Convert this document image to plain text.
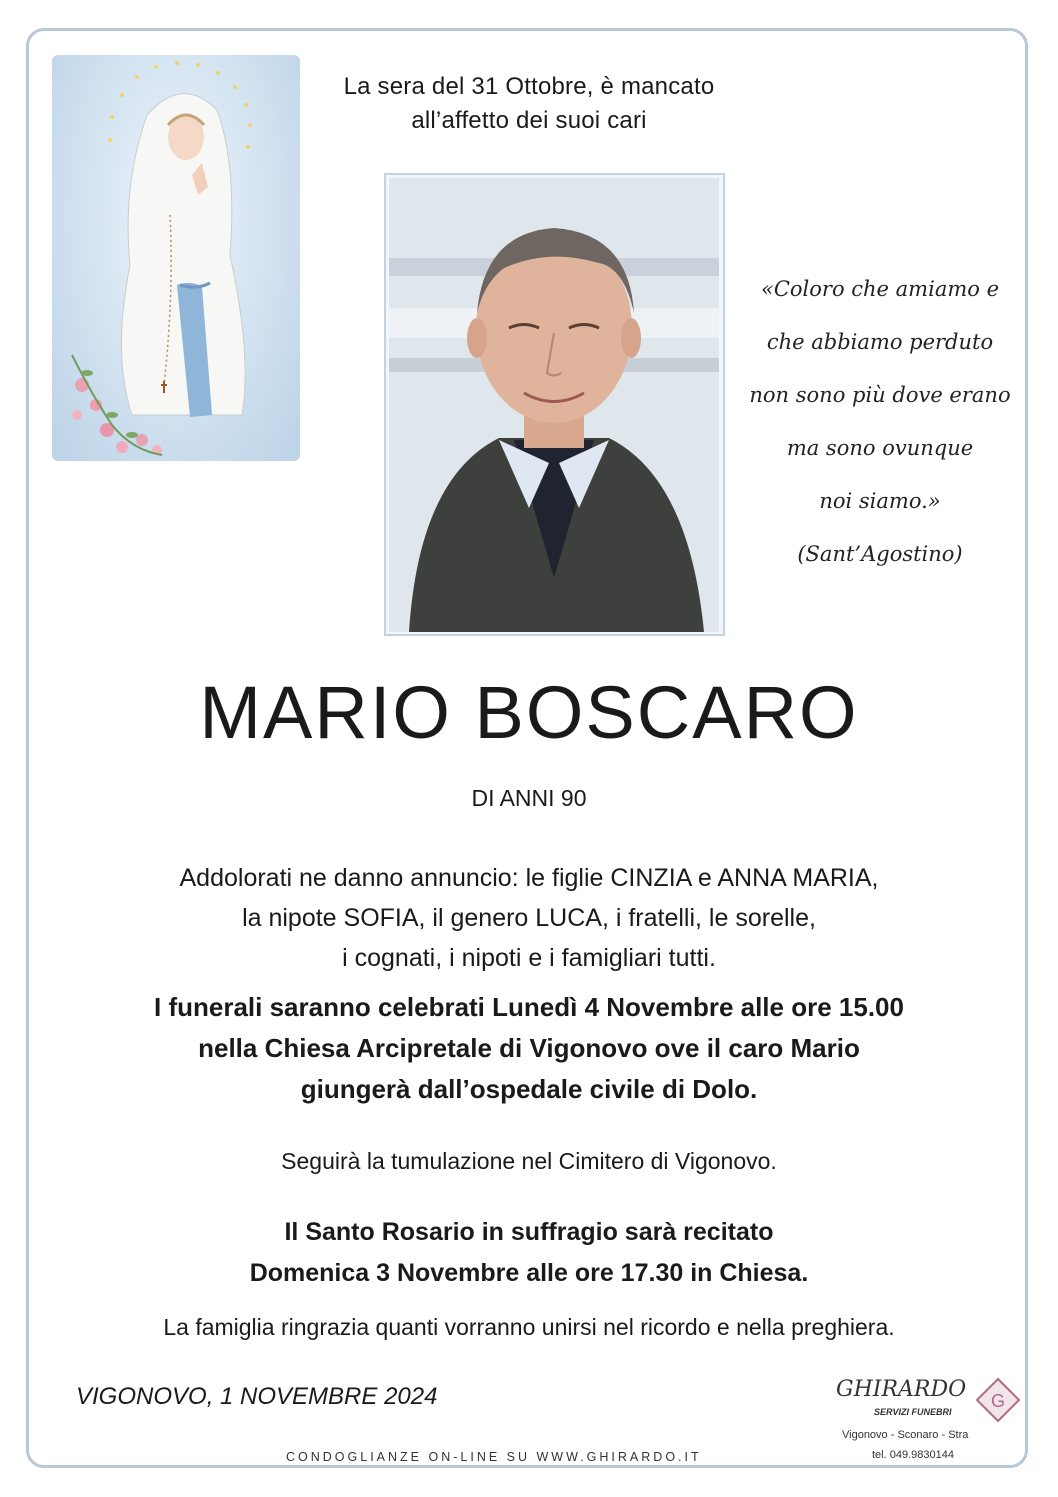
La sera del 31 Ottobre, è mancato
all’affetto dei suoi cari
«Coloro che amiamo e
che abbiamo perduto
non sono più dove erano
ma sono ovunque
noi siamo.»
(Sant’Agostino)
MARIO BOSCARO
DI ANNI 90
Addolorati ne danno annuncio: le figlie CINZIA e ANNA MARIA,
la nipote SOFIA, il genero LUCA, i fratelli, le sorelle,
i cognati, i nipoti e i famigliari tutti.
I funerali saranno celebrati Lunedì 4 Novembre alle ore 15.00
nella Chiesa Arcipretale di Vigonovo ove il caro Mario
giungerà dall’ospedale civile di Dolo.
Seguirà la tumulazione nel Cimitero di Vigonovo.
Il Santo Rosario in suffragio sarà recitato
Domenica 3 Novembre alle ore 17.30 in Chiesa.
La famiglia ringrazia quanti vorranno unirsi nel ricordo e nella preghiera.
VIGONOVO, 1 NOVEMBRE 2024
CONDOGLIANZE ON-LINE SU WWW.GHIRARDO.IT
GHIRARDO
SERVIZI FUNEBRI
G
Vigonovo - Sconaro - Stra
tel. 049.9830144
